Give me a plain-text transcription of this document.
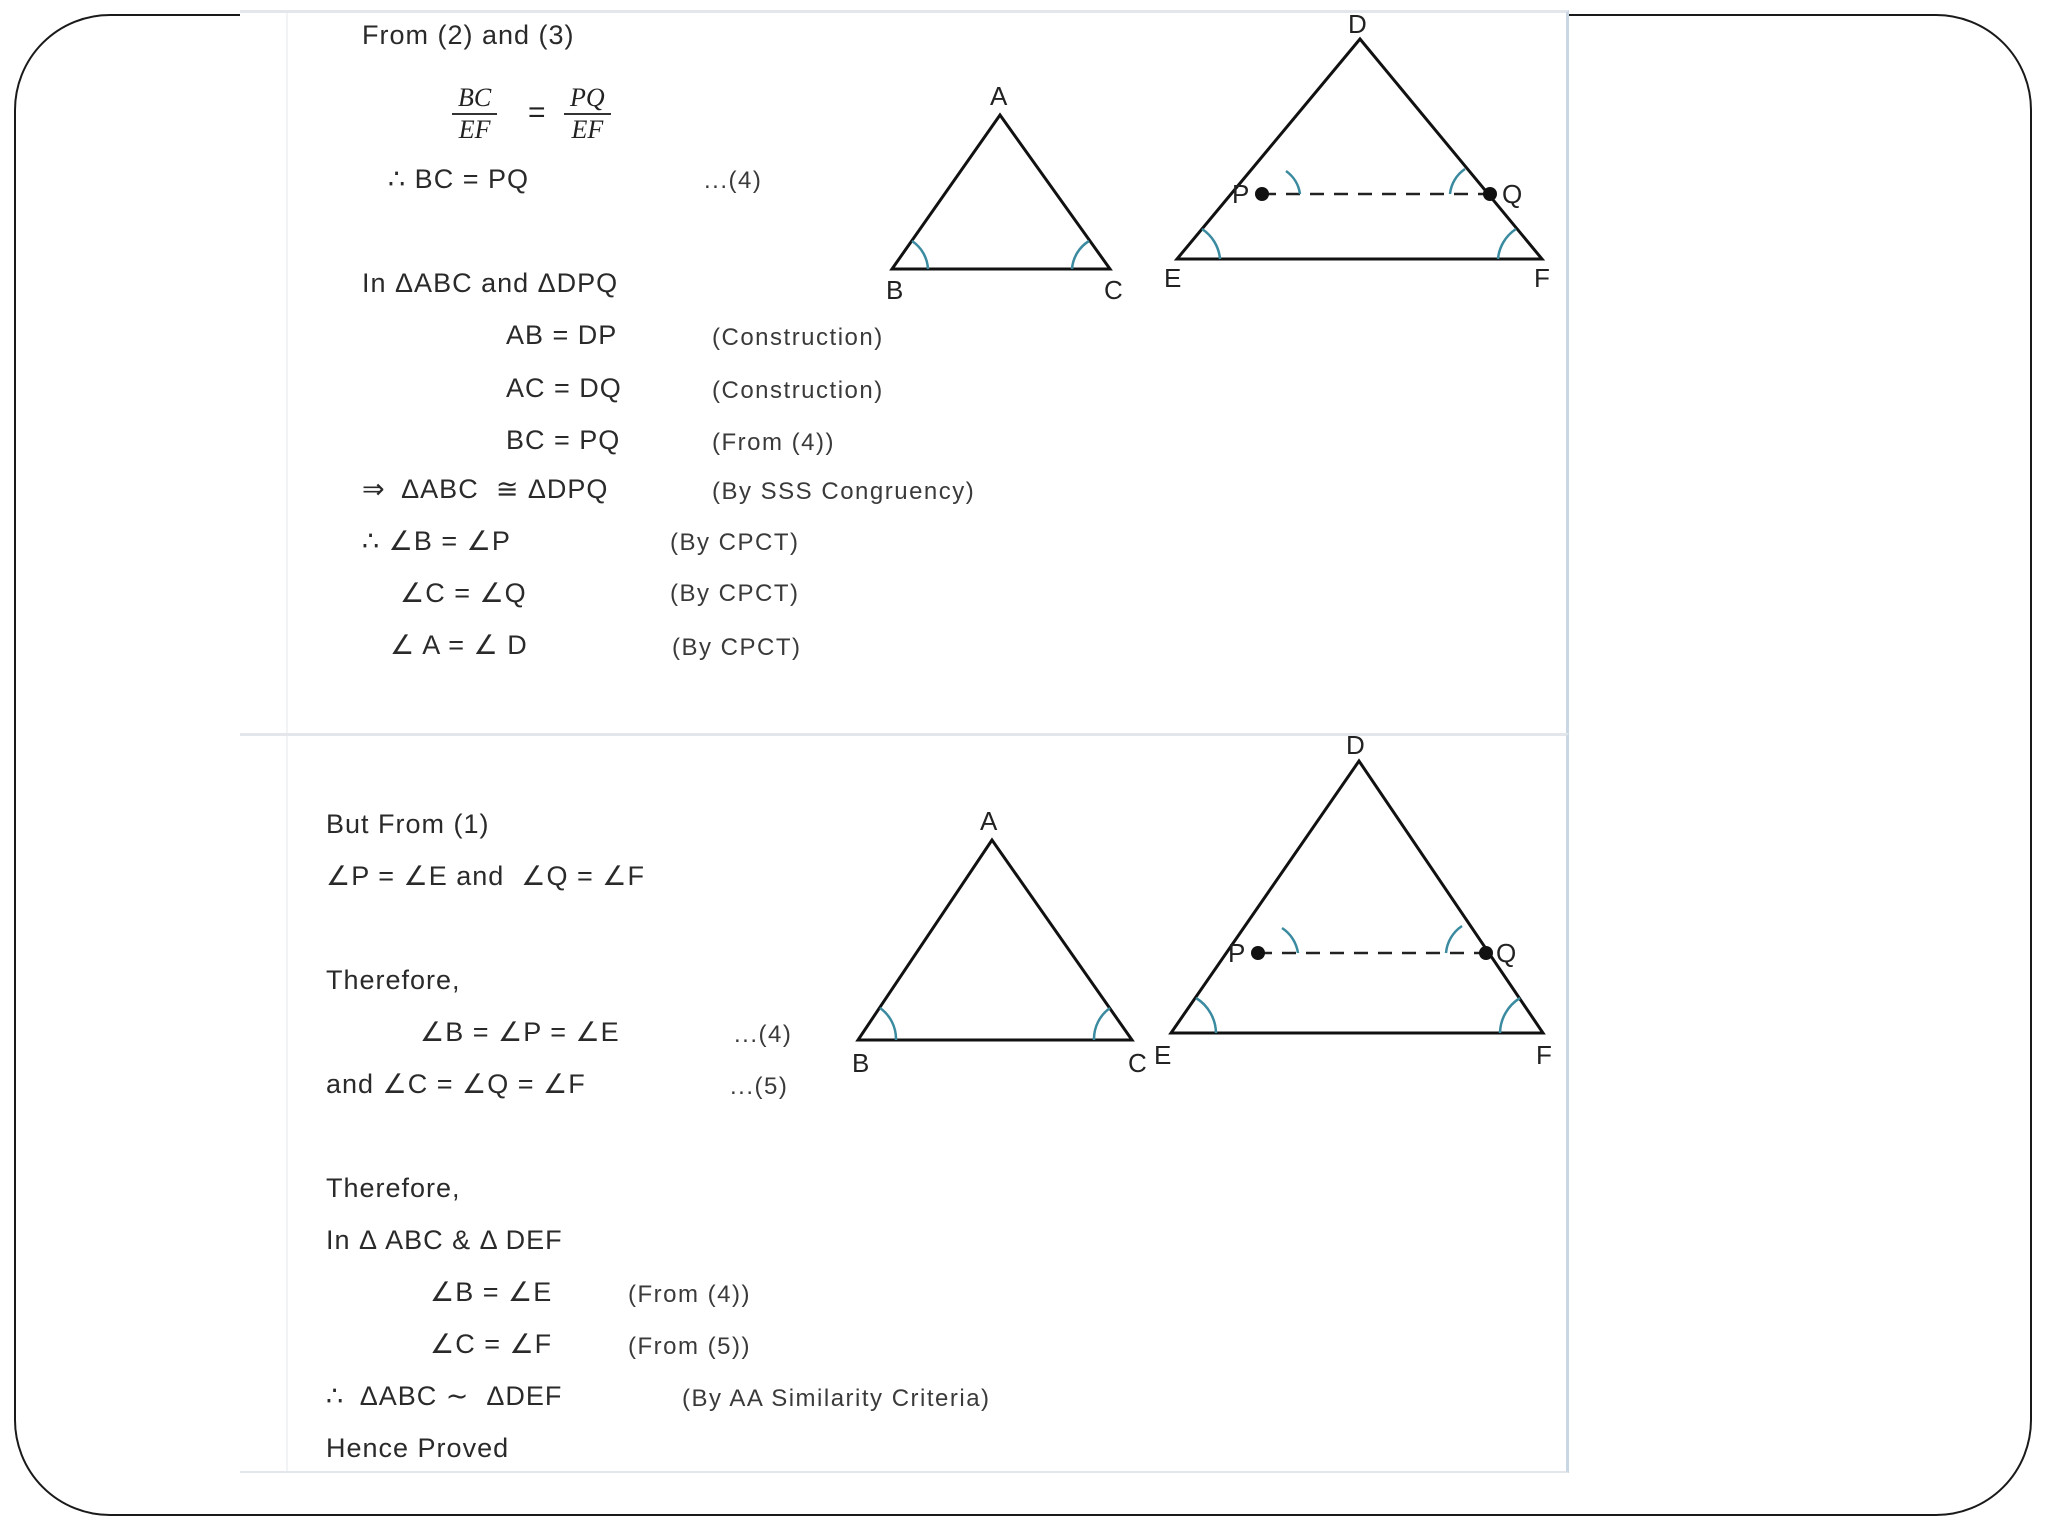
From (2) and (3)
$\frac{BC}{EF} = \frac{PQ}{EF}$
∴ BC = PQ	...(4)
In ΔABC and ΔDPQ
AB = DP	(Construction)
AC = DQ	(Construction)
BC = PQ	(From (4))
⇒  ΔABC  ≅ ΔDPQ	(By SSS Congruency)
∴ ∠B = ∠P	(By CPCT)
∠C = ∠Q	(By CPCT)
∠ A = ∠ D	(By CPCT)
A
B	C
D
E	F
P	Q
But From (1)
∠P = ∠E and  ∠Q = ∠F
Therefore,
∠B = ∠P = ∠E	...(4)
and ∠C = ∠Q = ∠F	...(5)
Therefore,
In Δ ABC & Δ DEF
∠B = ∠E	(From (4))
∠C = ∠F	(From (5))
∴  ΔABC ∼  ΔDEF	(By AA Similarity Criteria)
Hence Proved
A
B	C
D
E	F
P	Q
